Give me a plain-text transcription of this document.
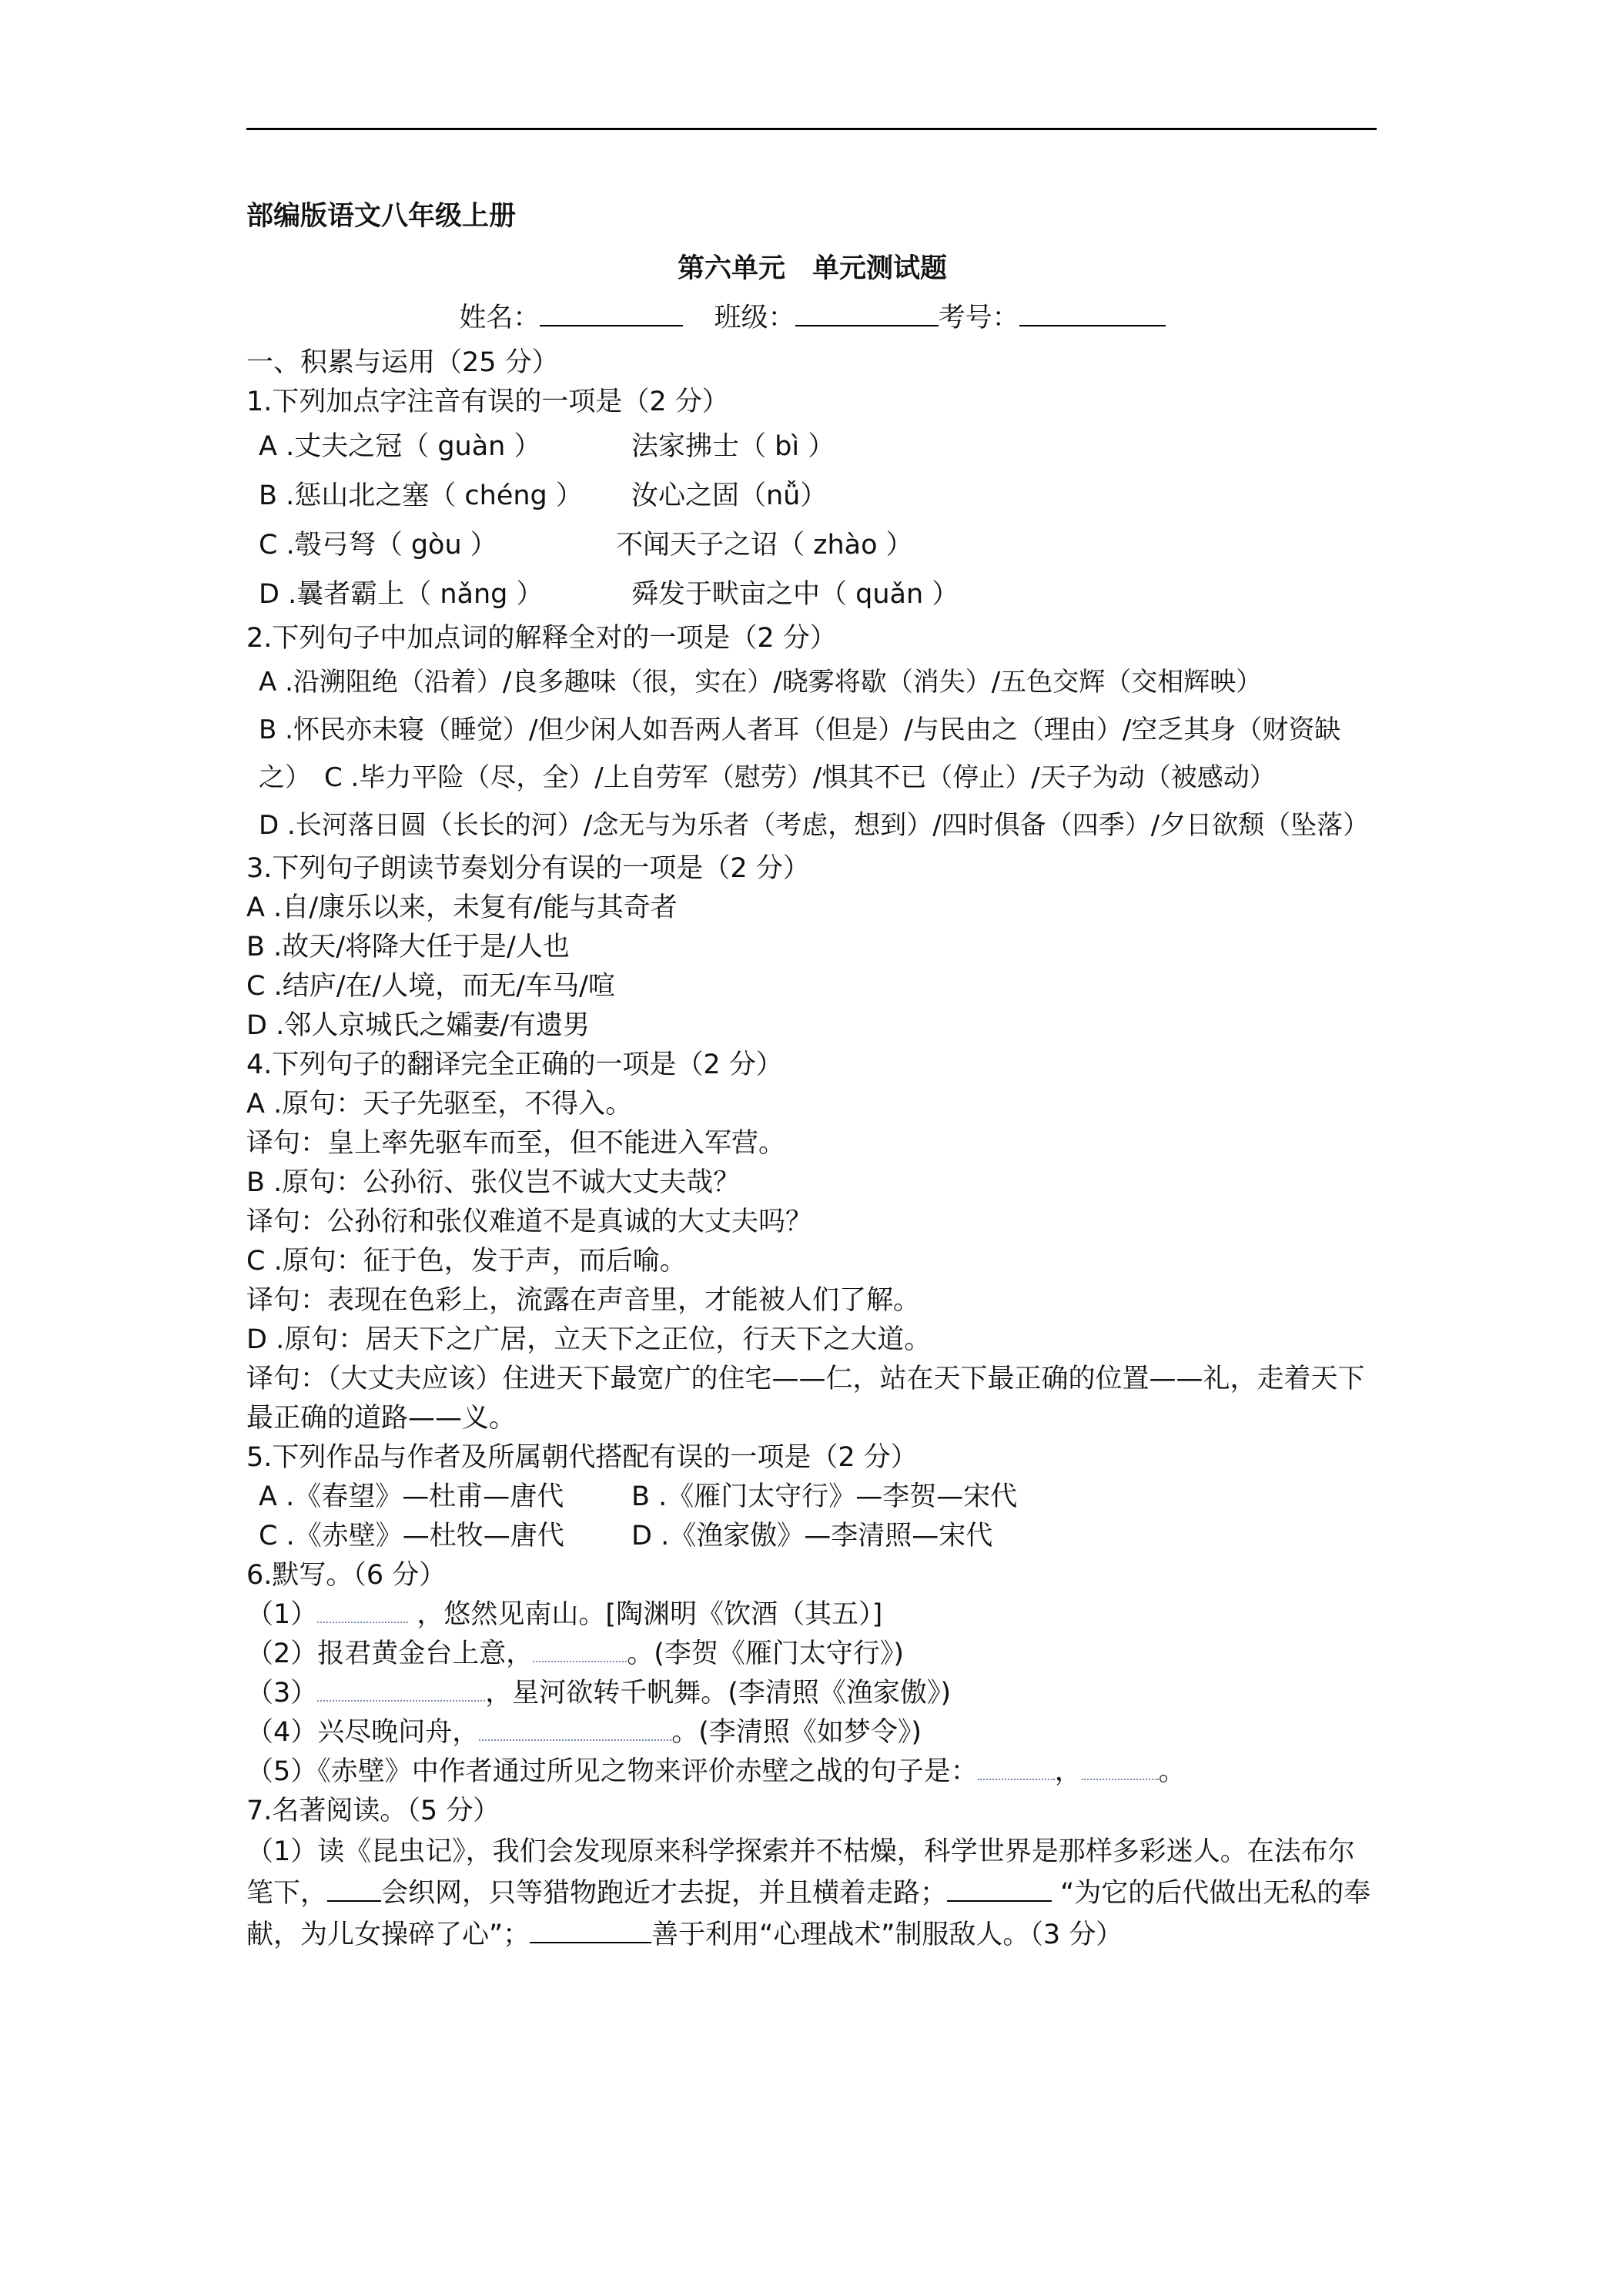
部编版语文八年级上册
第六单元　单元测试题
姓名：	班级：	考号：
一、积累与运用（25 分）
1.下列加点字注音有误的一项是（2 分）
A .丈夫之冠（ guàn ）	法家拂士（ bì ）
B .惩山北之塞（ chéng ） 汝心之固（nǚ）
C .彀弓弩（ gòu ）	不闻天子之诏（ zhào ）
D .曩者霸上（ nǎng ）	舜发于畎亩之中（ quǎn ）
2.下列句子中加点词的解释全对的一项是（2 分）
A .沿溯阻绝（沿着）/良多趣味（很，实在）/晓雾将歇（消失）/五色交辉（交相辉映）
B .怀民亦未寝（睡觉）/但少闲人如吾两人者耳（但是）/与民由之（理由）/空乏其身（财资缺之）　C .毕力平险（尽，全）/上自劳军（慰劳）/惧其不已（停止）/天子为动（被感动）
D .长河落日圆（长长的河）/念无与为乐者（考虑，想到）/四时俱备（四季）/夕日欲颓（坠落）
3.下列句子朗读节奏划分有误的一项是（2 分）
A .自/康乐以来，未复有/能与其奇者
B .故天/将降大任于是/人也
C .结庐/在/人境，而无/车马/喧
D .邻人京城氏之孀妻/有遗男
4.下列句子的翻译完全正确的一项是（2 分）
A .原句：天子先驱至，不得入。
译句：皇上率先驱车而至，但不能进入军营。
B .原句：公孙衍、张仪岂不诚大丈夫哉？
译句：公孙衍和张仪难道不是真诚的大丈夫吗？
C .原句：征于色，发于声，而后喻。
译句：表现在色彩上，流露在声音里，才能被人们了解。
D .原句：居天下之广居，立天下之正位，行天下之大道。
译句：（大丈夫应该）住进天下最宽广的住宅——仁，站在天下最正确的位置——礼，走着天下最正确的道路——义。
5.下列作品与作者及所属朝代搭配有误的一项是（2 分）
A .《春望》—杜甫—唐代	B .《雁门太守行》—李贺—宋代
C .《赤壁》—杜牧—唐代 D .《渔家傲》—李清照—宋代
6.默写。（6 分）
（1）	，悠然见南山。[陶渊明《饮酒（其五）]
（2）报君黄金台上意，	。(李贺《雁门太守行》)
（3）	，星河欲转千帆舞。(李清照《渔家傲》)
（4）兴尽晚问舟，	。(李清照《如梦令》)
（5）《赤壁》中作者通过所见之物来评价赤壁之战的句子是：	，	。
7.名著阅读。（5 分）
（1）读《昆虫记》，我们会发现原来科学探索并不枯燥，科学世界是那样多彩迷人。在法布尔笔下， 会织网，只等猎物跑近才去捉，并且横着走路；	“为它的后代做出无私的奉献，为儿女操碎了心”；	善于利用“心理战术”制服敌人。（3 分）
